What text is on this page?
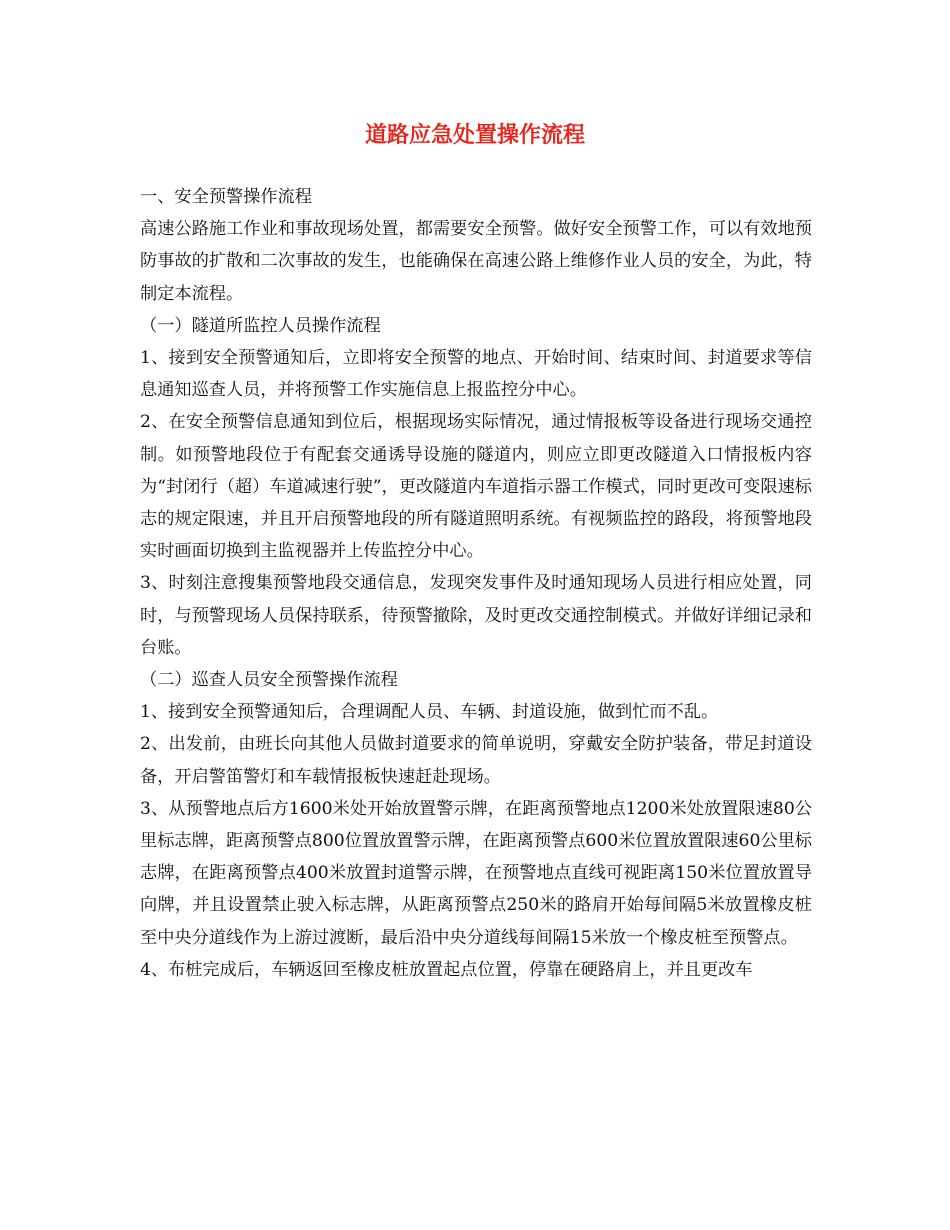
道路应急处置操作流程

一、安全预警操作流程

高速公路施工作业和事故现场处置，都需要安全预警。做好安全预警工作，可以有效地预防事故的扩散和二次事故的发生，也能确保在高速公路上维修作业人员的安全，为此，特制定本流程。

（一）隧道所监控人员操作流程

1、接到安全预警通知后，立即将安全预警的地点、开始时间、结束时间、封道要求等信息通知巡查人员，并将预警工作实施信息上报监控分中心。

2、在安全预警信息通知到位后，根据现场实际情况，通过情报板等设备进行现场交通控制。如预警地段位于有配套交通诱导设施的隧道内，则应立即更改隧道入口情报板内容为“封闭行（超）车道减速行驶”，更改隧道内车道指示器工作模式，同时更改可变限速标志的规定限速，并且开启预警地段的所有隧道照明系统。有视频监控的路段，将预警地段实时画面切换到主监视器并上传监控分中心。

3、时刻注意搜集预警地段交通信息，发现突发事件及时通知现场人员进行相应处置，同时，与预警现场人员保持联系，待预警撤除，及时更改交通控制模式。并做好详细记录和台账。

（二）巡查人员安全预警操作流程

1、接到安全预警通知后，合理调配人员、车辆、封道设施，做到忙而不乱。

2、出发前，由班长向其他人员做封道要求的简单说明，穿戴安全防护装备，带足封道设备，开启警笛警灯和车载情报板快速赶赴现场。

3、从预警地点后方1600米处开始放置警示牌，在距离预警地点1200米处放置限速80公里标志牌，距离预警点800位置放置警示牌，在距离预警点600米位置放置限速60公里标志牌，在距离预警点400米放置封道警示牌，在预警地点直线可视距离150米位置放置导向牌，并且设置禁止驶入标志牌，从距离预警点250米的路肩开始每间隔5米放置橡皮桩至中央分道线作为上游过渡断，最后沿中央分道线每间隔15米放一个橡皮桩至预警点。

4、布桩完成后，车辆返回至橡皮桩放置起点位置，停靠在硬路肩上，并且更改车
